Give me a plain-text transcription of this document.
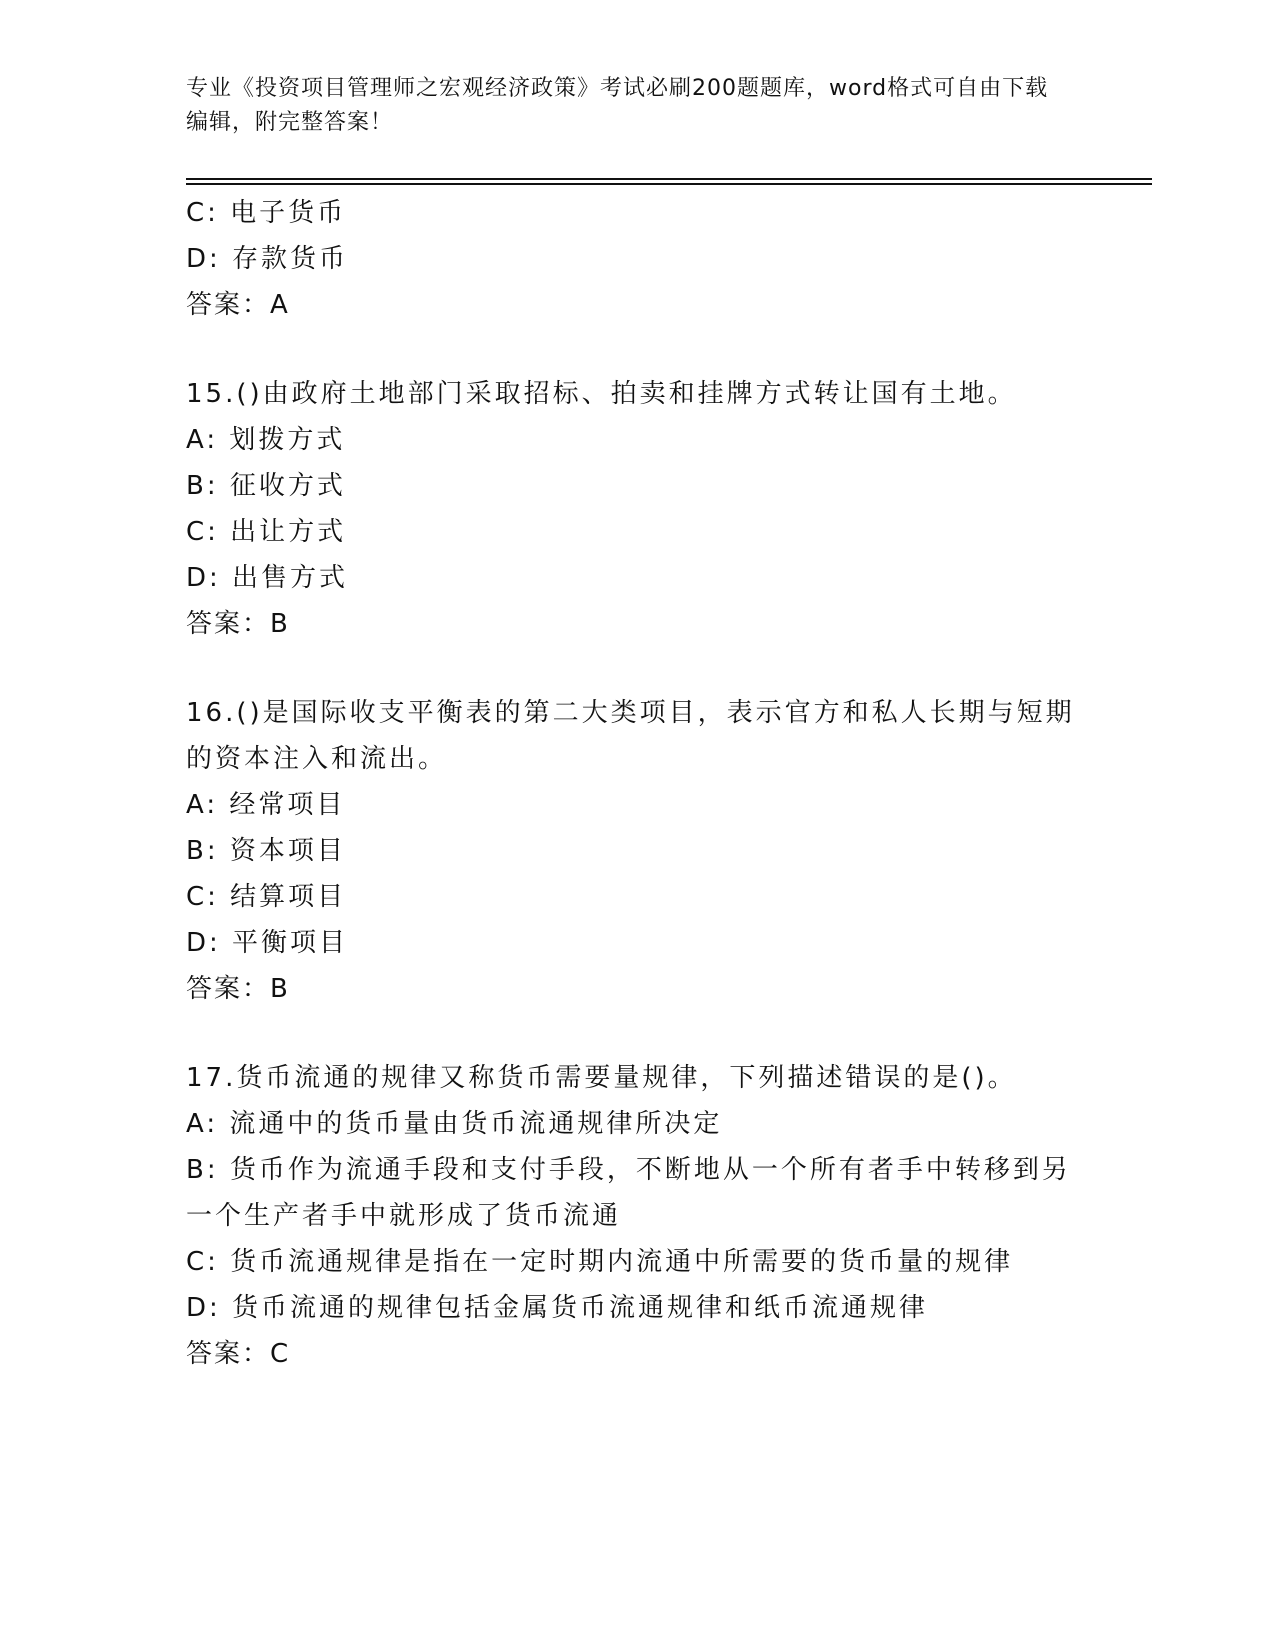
专业《投资项目管理师之宏观经济政策》考试必刷200题题库，word格式可自由下载编辑，附完整答案！
C: 电子货币
D: 存款货币
答案：A
15.()由政府土地部门采取招标、拍卖和挂牌方式转让国有土地。
A: 划拨方式
B: 征收方式
C: 出让方式
D: 出售方式
答案：B
16.()是国际收支平衡表的第二大类项目，表示官方和私人长期与短期的资本注入和流出。
A: 经常项目
B: 资本项目
C: 结算项目
D: 平衡项目
答案：B
17.货币流通的规律又称货币需要量规律，下列描述错误的是()。
A: 流通中的货币量由货币流通规律所决定
B: 货币作为流通手段和支付手段，不断地从一个所有者手中转移到另一个生产者手中就形成了货币流通
C: 货币流通规律是指在一定时期内流通中所需要的货币量的规律
D: 货币流通的规律包括金属货币流通规律和纸币流通规律
答案：C
